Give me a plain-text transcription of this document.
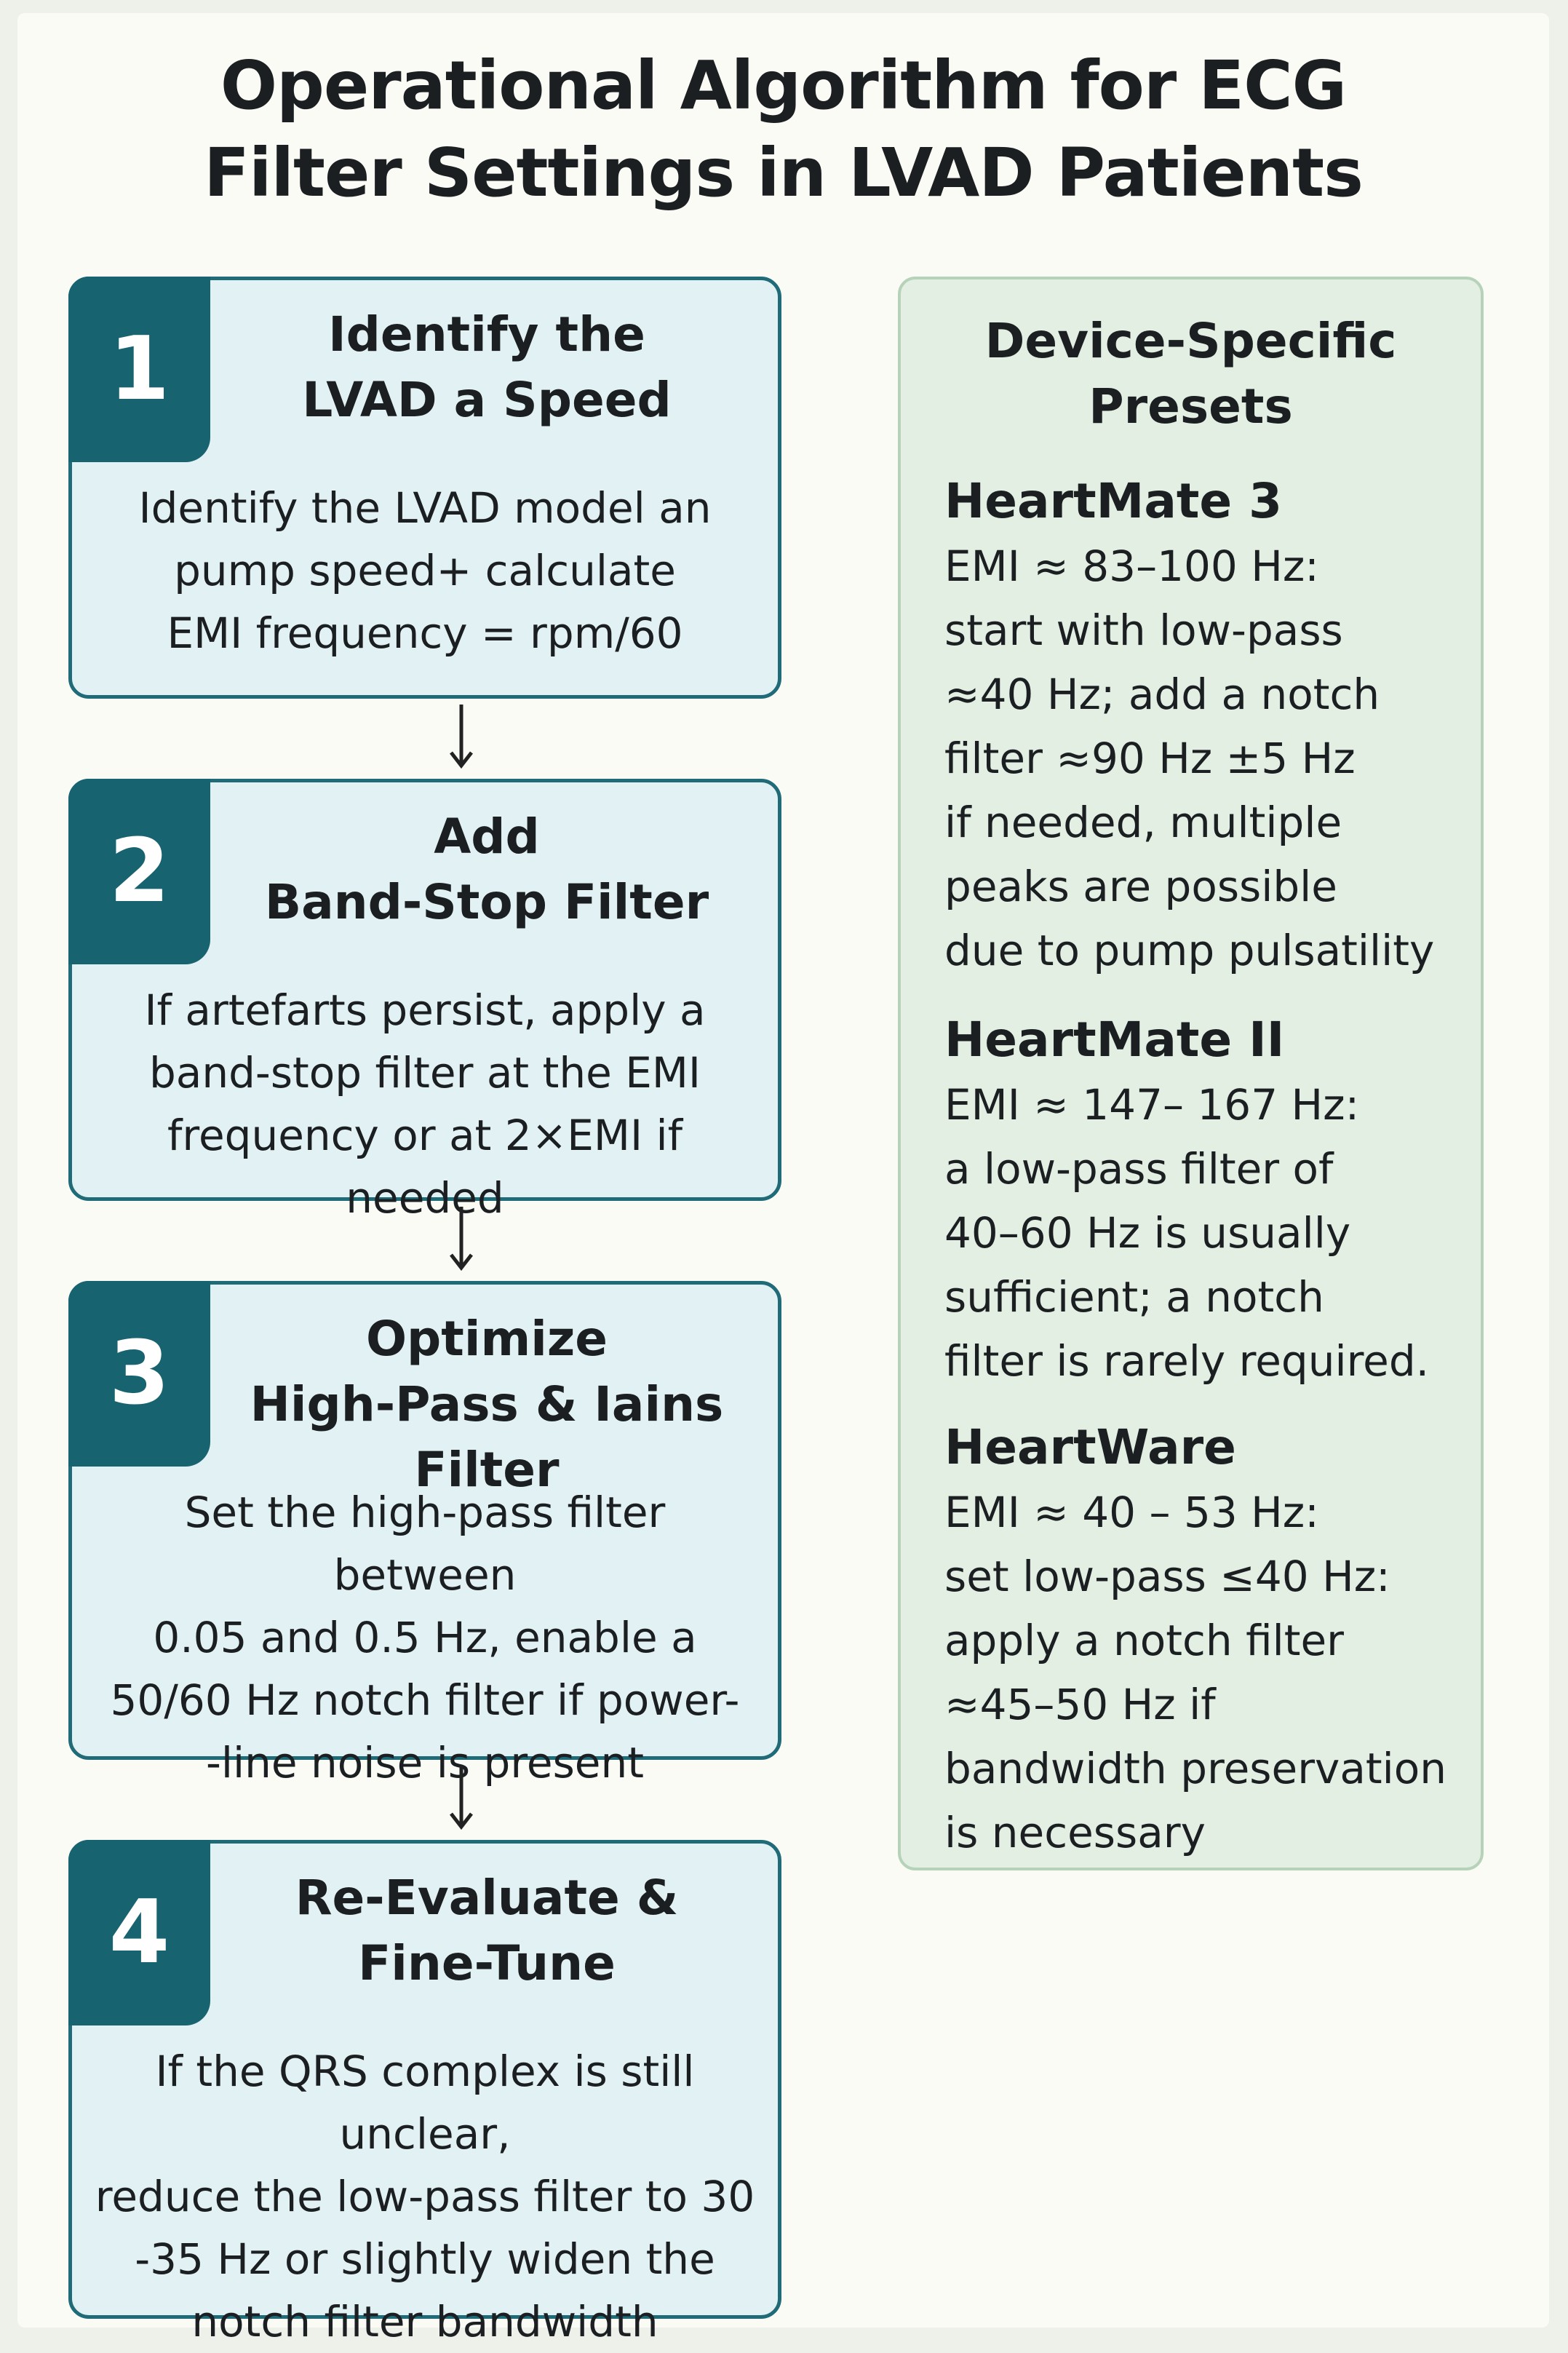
Operational Algorithm for ECG
Filter Settings in LVAD Patients
1	Identify the
LVAD a Speed
Identify the LVAD model an
pump speed+ calculate
EMI frequency = rpm/60
2	Add
Band-Stop Filter
If artefarts persist, apply a
band-stop filter at the EMI
frequency or at 2×EMI if needed
3	Optimize
High-Pass & Iains Filter
Set the high-pass filter between
0.05 and 0.5 Hz, enable a
50/60 Hz notch filter if power-
-line noise is present
4	Re-Evaluate &
Fine-Tune
If the QRS complex is still unclear,
reduce the low-pass filter to 30
-35 Hz or slightly widen the
notch filter bandwidth
Device-Specific
Presets
HeartMate 3
EMI ≈ 83–100 Hz:
start with low-pass
≈40 Hz; add a notch
filter ≈90 Hz ±5 Hz
if needed, multiple
peaks are possible
due to pump pulsatility
HeartMate II
EMI ≈ 147– 167 Hz:
a low-pass filter of
40–60 Hz is usually
sufficient; a notch
filter is rarely required.
HeartWare
EMI ≈ 40 – 53 Hz:
set low-pass ≤40 Hz:
apply a notch filter
≈45–50 Hz if
bandwidth preservation
is necessary
